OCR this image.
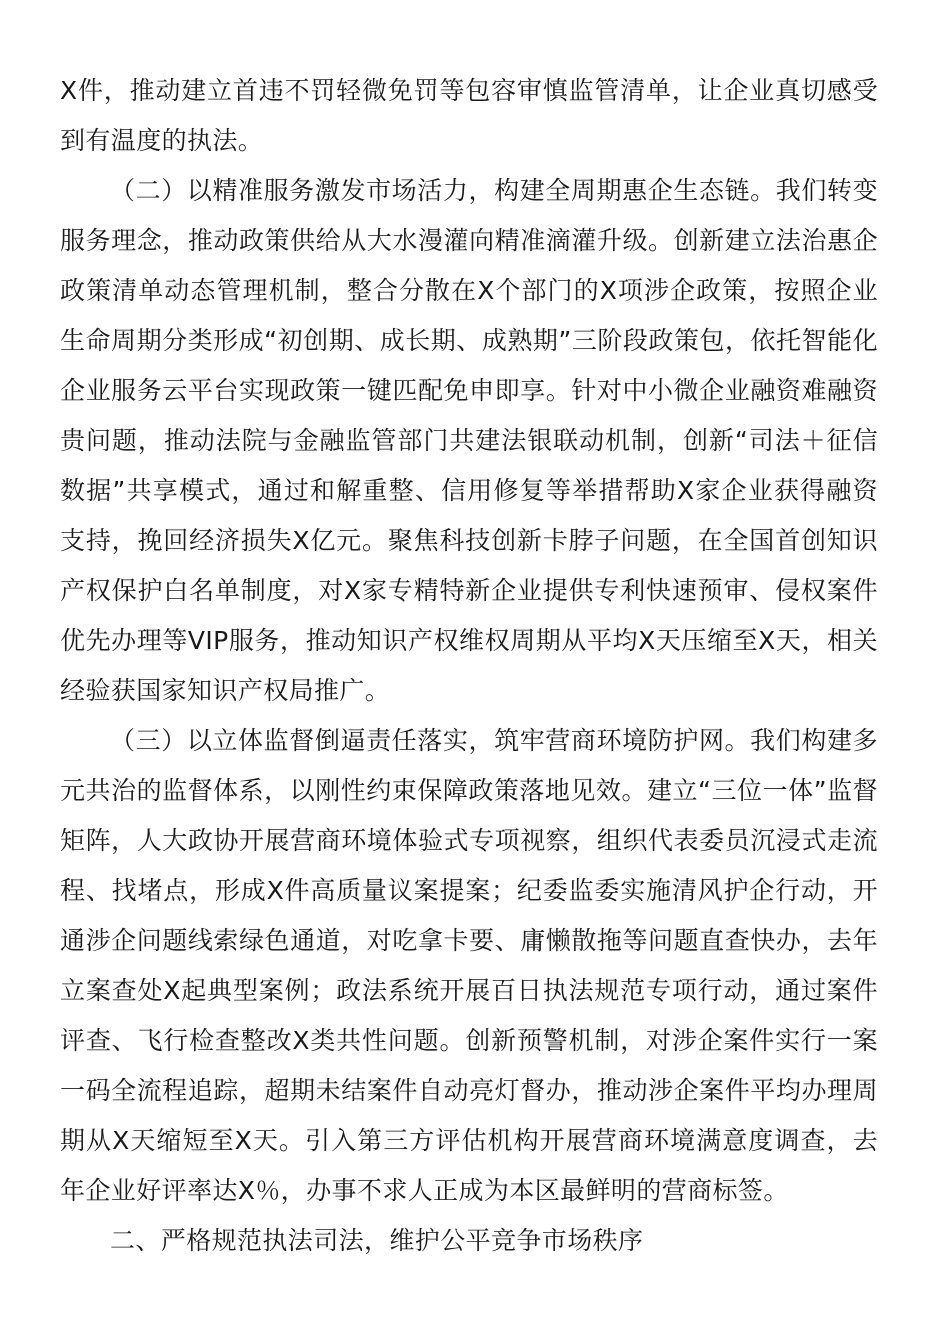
X件，推动建立首违不罚轻微免罚等包容审慎监管清单，让企业真切感受到有温度的执法。

（二）以精准服务激发市场活力，构建全周期惠企生态链。我们转变服务理念，推动政策供给从大水漫灌向精准滴灌升级。创新建立法治惠企政策清单动态管理机制，整合分散在X个部门的X项涉企政策，按照企业生命周期分类形成“初创期、成长期、成熟期”三阶段政策包，依托智能化企业服务云平台实现政策一键匹配免申即享。针对中小微企业融资难融资贵问题，推动法院与金融监管部门共建法银联动机制，创新“司法＋征信数据”共享模式，通过和解重整、信用修复等举措帮助X家企业获得融资支持，挽回经济损失X亿元。聚焦科技创新卡脖子问题，在全国首创知识产权保护白名单制度，对X家专精特新企业提供专利快速预审、侵权案件优先办理等VIP服务，推动知识产权维权周期从平均X天压缩至X天，相关经验获国家知识产权局推广。

（三）以立体监督倒逼责任落实，筑牢营商环境防护网。我们构建多元共治的监督体系，以刚性约束保障政策落地见效。建立“三位一体”监督矩阵，人大政协开展营商环境体验式专项视察，组织代表委员沉浸式走流程、找堵点，形成X件高质量议案提案；纪委监委实施清风护企行动，开通涉企问题线索绿色通道，对吃拿卡要、庸懒散拖等问题直查快办，去年立案查处X起典型案例；政法系统开展百日执法规范专项行动，通过案件评查、飞行检查整改X类共性问题。创新预警机制，对涉企案件实行一案一码全流程追踪，超期未结案件自动亮灯督办，推动涉企案件平均办理周期从X天缩短至X天。引入第三方评估机构开展营商环境满意度调查，去年企业好评率达X％，办事不求人正成为本区最鲜明的营商标签。

二、严格规范执法司法，维护公平竞争市场秩序
